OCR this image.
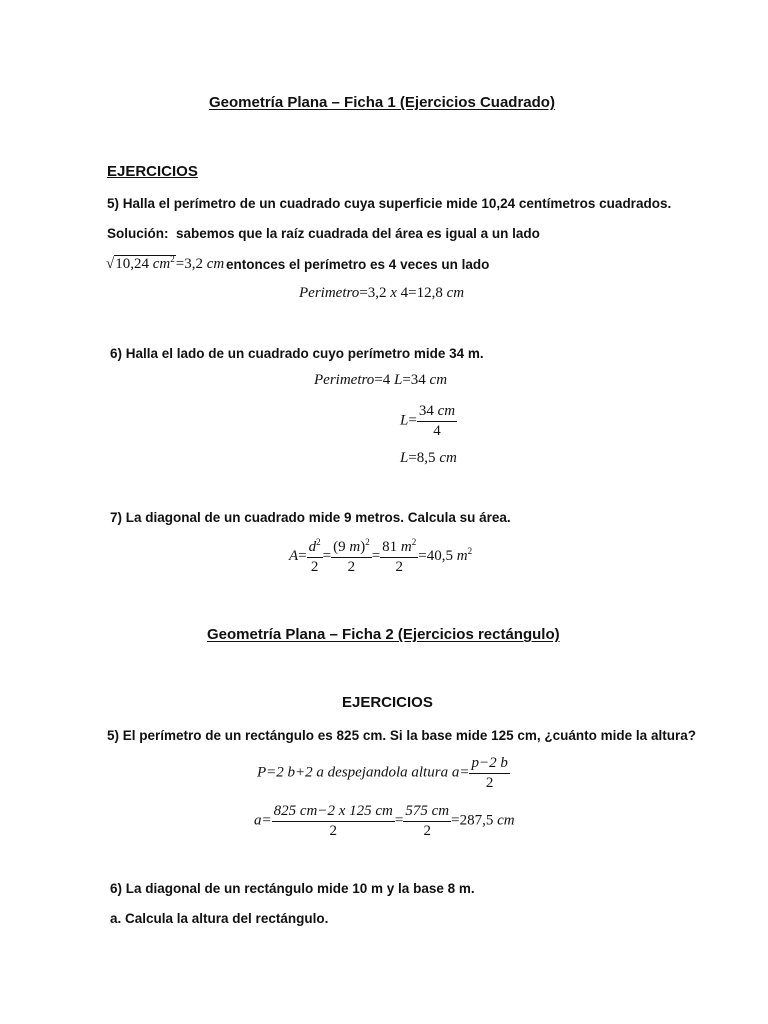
Geometría Plana – Ficha 1 (Ejercicios Cuadrado)
EJERCICIOS
5) Halla el perímetro de un cuadrado cuya superficie mide 10,24 centímetros cuadrados.
Solución: sabemos que la raíz cuadrada del área es igual a un lado
√10,24 $cm^2=3,2$ cm entonces el perímetro es 4 veces un lado
Perimetro=3,2 x 4=12,8 cm
6) Halla el lado de un cuadrado cuyo perímetro mide 34 m.
Perimetro=4 L=34 cm
$L= \frac{34 cm}{4}$
L=8,5 cm
7) La diagonal de un cuadrado mide 9 metros. Calcula su área.
$A= \frac{d^2}{2} = \frac{(9 m)^2}{2} = \frac{81 m^2}{2} =40,5$ $m^2$
Geometría Plana – Ficha 2 (Ejercicios rectángulo)
EJERCICIOS
5) El perímetro de un rectángulo es 825 cm. Si la base mide 125 cm, ¿cuánto mide la altura?
P=2 b+2 a despejandola altura $a= \frac{p-2 b}{2}$
$a= \frac{825 cm-2 x 125 cm}{2} = \frac{575 cm}{2} =287,5$ cm
6) La diagonal de un rectángulo mide 10 m y la base 8 m.
a. Calcula la altura del rectángulo.
